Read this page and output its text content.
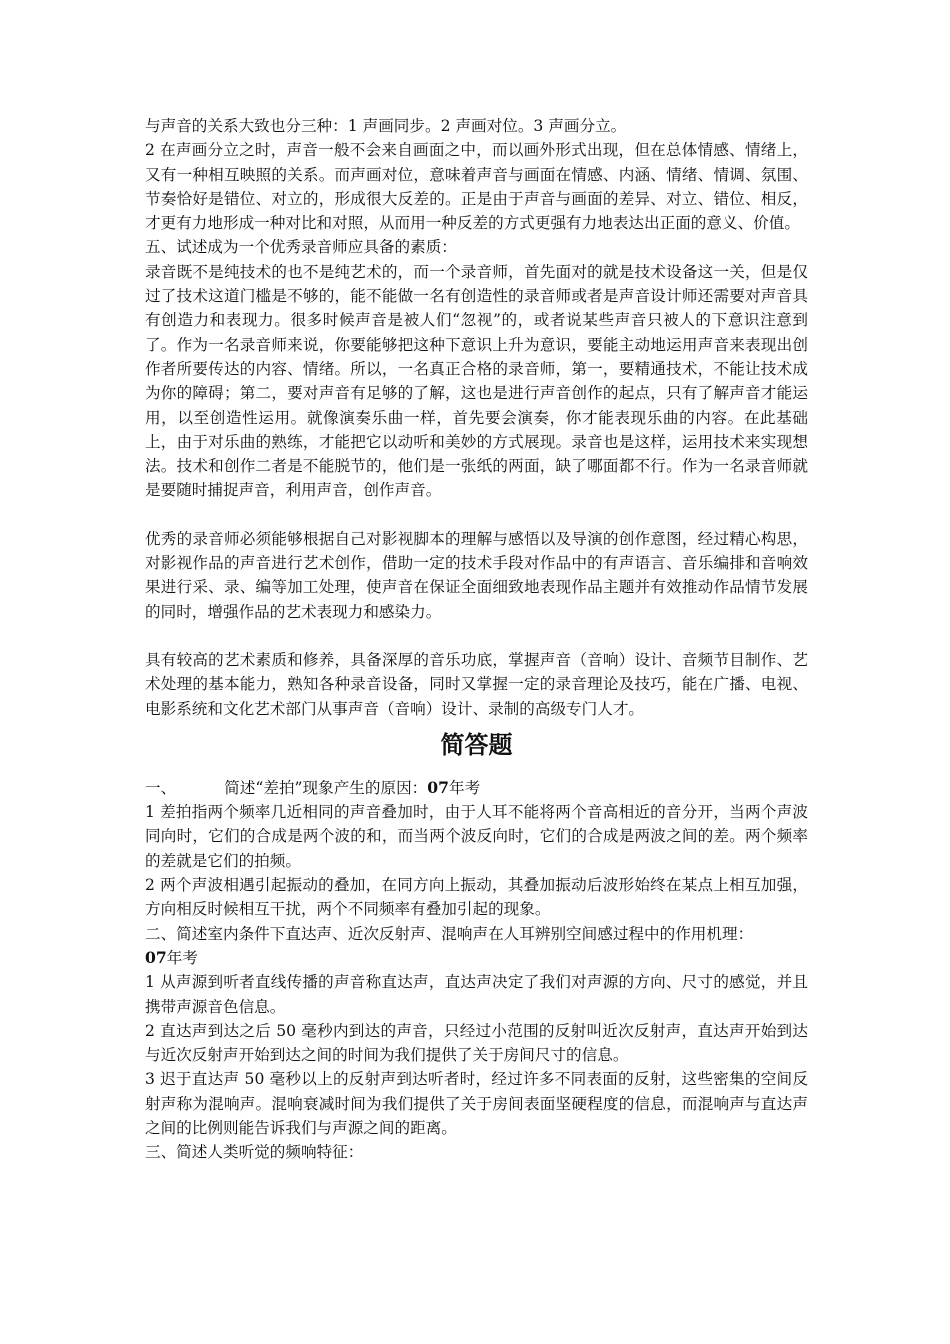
与声音的关系大致也分三种：1 声画同步。2 声画对位。3 声画分立。

2 在声画分立之时，声音一般不会来自画面之中，而以画外形式出现，但在总体情感、情绪上，又有一种相互映照的关系。而声画对位，意味着声音与画面在情感、内涵、情绪、情调、氛围、节奏恰好是错位、对立的，形成很大反差的。正是由于声音与画面的差异、对立、错位、相反，才更有力地形成一种对比和对照，从而用一种反差的方式更强有力地表达出正面的意义、价值。

五、试述成为一个优秀录音师应具备的素质：

录音既不是纯技术的也不是纯艺术的，而一个录音师，首先面对的就是技术设备这一关，但是仅过了技术这道门槛是不够的，能不能做一名有创造性的录音师或者是声音设计师还需要对声音具有创造力和表现力。很多时候声音是被人们“忽视”的，或者说某些声音只被人的下意识注意到了。作为一名录音师来说，你要能够把这种下意识上升为意识，要能主动地运用声音来表现出创作者所要传达的内容、情绪。所以，一名真正合格的录音师，第一，要精通技术，不能让技术成为你的障碍；第二，要对声音有足够的了解，这也是进行声音创作的起点，只有了解声音才能运用，以至创造性运用。就像演奏乐曲一样，首先要会演奏，你才能表现乐曲的内容。在此基础上，由于对乐曲的熟练，才能把它以动听和美妙的方式展现。录音也是这样，运用技术来实现想法。技术和创作二者是不能脱节的，他们是一张纸的两面，缺了哪面都不行。作为一名录音师就是要随时捕捉声音，利用声音，创作声音。

优秀的录音师必须能够根据自己对影视脚本的理解与感悟以及导演的创作意图，经过精心构思，对影视作品的声音进行艺术创作，借助一定的技术手段对作品中的有声语言、音乐编排和音响效果进行采、录、编等加工处理，使声音在保证全面细致地表现作品主题并有效推动作品情节发展的同时，增强作品的艺术表现力和感染力。

具有较高的艺术素质和修养，具备深厚的音乐功底，掌握声音（音响）设计、音频节目制作、艺术处理的基本能力，熟知各种录音设备，同时又掌握一定的录音理论及技巧，能在广播、电视、电影系统和文化艺术部门从事声音（音响）设计、录制的高级专门人才。

简答题

一、	简述“差拍”现象产生的原因：07年考

1 差拍指两个频率几近相同的声音叠加时，由于人耳不能将两个音高相近的音分开，当两个声波同向时，它们的合成是两个波的和，而当两个波反向时，它们的合成是两波之间的差。两个频率的差就是它们的拍频。

2 两个声波相遇引起振动的叠加，在同方向上振动，其叠加振动后波形始终在某点上相互加强，方向相反时候相互干扰，两个不同频率有叠加引起的现象。

二、简述室内条件下直达声、近次反射声、混响声在人耳辨别空间感过程中的作用机理：
07年考

1 从声源到听者直线传播的声音称直达声，直达声决定了我们对声源的方向、尺寸的感觉，并且携带声源音色信息。

2 直达声到达之后 50 毫秒内到达的声音，只经过小范围的反射叫近次反射声，直达声开始到达与近次反射声开始到达之间的时间为我们提供了关于房间尺寸的信息。

3 迟于直达声 50 毫秒以上的反射声到达听者时，经过许多不同表面的反射，这些密集的空间反射声称为混响声。混响衰减时间为我们提供了关于房间表面坚硬程度的信息，而混响声与直达声之间的比例则能告诉我们与声源之间的距离。

三、简述人类听觉的频响特征：
